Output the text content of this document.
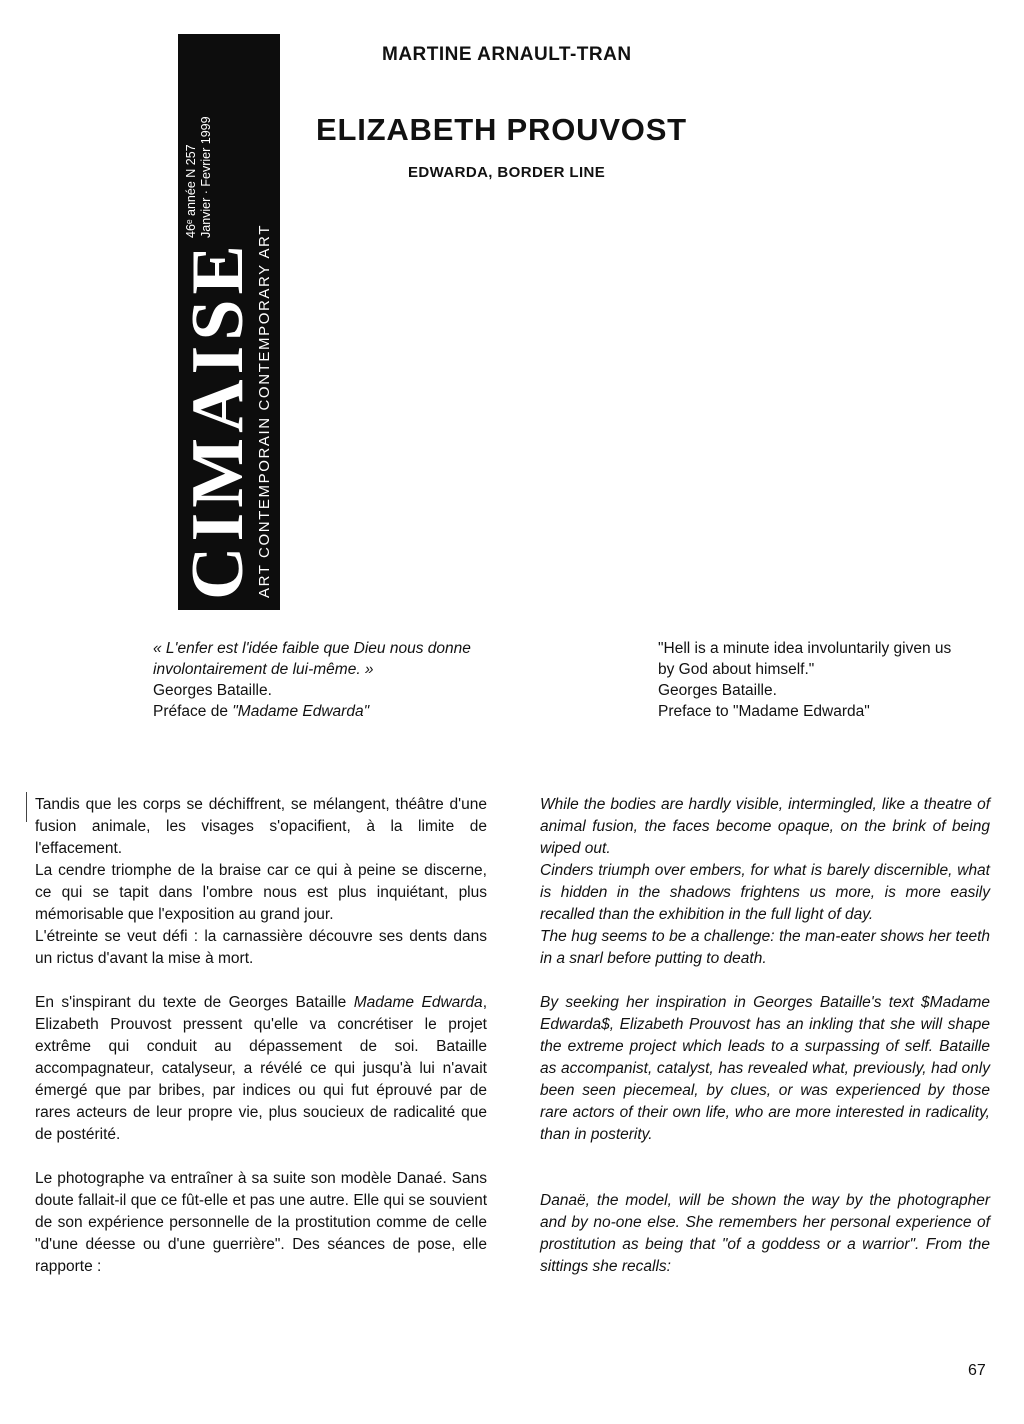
CIMAISE
ART CONTEMPORAIN CONTEMPORARY ART
46ᵉ année N 257 Janvier · Fevrier 1999
MARTINE ARNAULT-TRAN
ELIZABETH PROUVOST
EDWARDA, BORDER LINE
« L'enfer est l'idée faible que Dieu nous donne
involontairement de lui-même. »
Georges Bataille.
Préface de "Madame Edwarda"
"Hell is a minute idea involuntarily given us
by God about himself."
Georges Bataille.
Preface to "Madame Edwarda"

Tandis que les corps se déchiffrent, se mélangent, théâtre d'une fusion animale, les visages s'opacifient, à la limite de l'effacement.

La cendre triomphe de la braise car ce qui à peine se discerne, ce qui se tapit dans l'ombre nous est plus inquiétant, plus mémorisable que l'exposition au grand jour.

L'étreinte se veut défi : la carnassière découvre ses dents dans un rictus d'avant la mise à mort.

En s'inspirant du texte de Georges Bataille Madame Edwarda, Elizabeth Prouvost pressent qu'elle va concrétiser le projet extrême qui conduit au dépassement de soi. Bataille accompagnateur, catalyseur, a révélé ce qui jusqu'à lui n'avait émergé que par bribes, par indices ou qui fut éprouvé par de rares acteurs de leur propre vie, plus soucieux de radicalité que de postérité.

Le photographe va entraîner à sa suite son modèle Danaé. Sans doute fallait-il que ce fût-elle et pas une autre. Elle qui se souvient de son expérience personnelle de la prostitution comme de celle "d'une déesse ou d'une guerrière". Des séances de pose, elle rapporte :

While the bodies are hardly visible, intermingled, like a theatre of animal fusion, the faces become opaque, on the brink of being wiped out.

Cinders triumph over embers, for what is barely discernible, what is hidden in the shadows frightens us more, is more easily recalled than the exhibition in the full light of day.

The hug seems to be a challenge: the man-eater shows her teeth in a snarl before putting to death.

By seeking her inspiration in Georges Bataille's text $Madame Edwarda$, Elizabeth Prouvost has an inkling that she will shape the extreme project which leads to a surpassing of self. Bataille as accompanist, catalyst, has revealed what, previously, had only been seen piecemeal, by clues, or was experienced by those rare actors of their own life, who are more interested in radicality, than in posterity.

Danaë, the model, will be shown the way by the photographer and by no-one else. She remembers her personal experience of prostitution as being that "of a goddess or a warrior". From the sittings she recalls:

67
